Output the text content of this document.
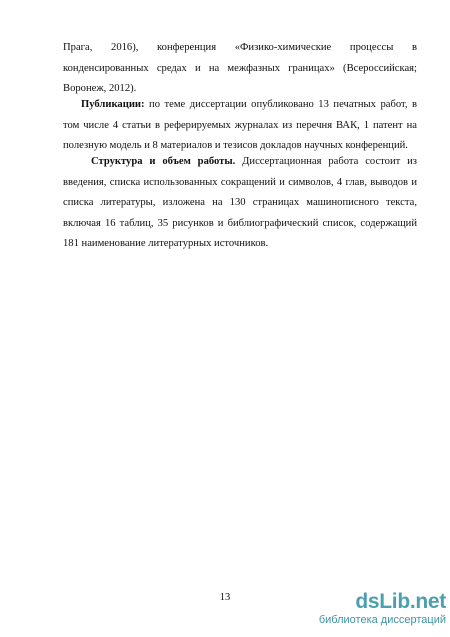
Прага, 2016), конференция «Физико-химические процессы в конденсированных средах и на межфазных границах» (Всероссийская; Воронеж, 2012).

Публикации: по теме диссертации опубликовано 13 печатных работ, в том числе 4 статьи в реферируемых журналах из перечня ВАК, 1 патент на полезную модель и 8 материалов и тезисов докладов научных конференций.

Структура и объем работы. Диссертационная работа состоит из введения, списка использованных сокращений и символов, 4 глав, выводов и списка литературы, изложена на 130 страницах машинописного текста, включая 16 таблиц, 35 рисунков и библиографический список, содержащий 181 наименование литературных источников.

13	dsLib.net
библиотека диссертаций
